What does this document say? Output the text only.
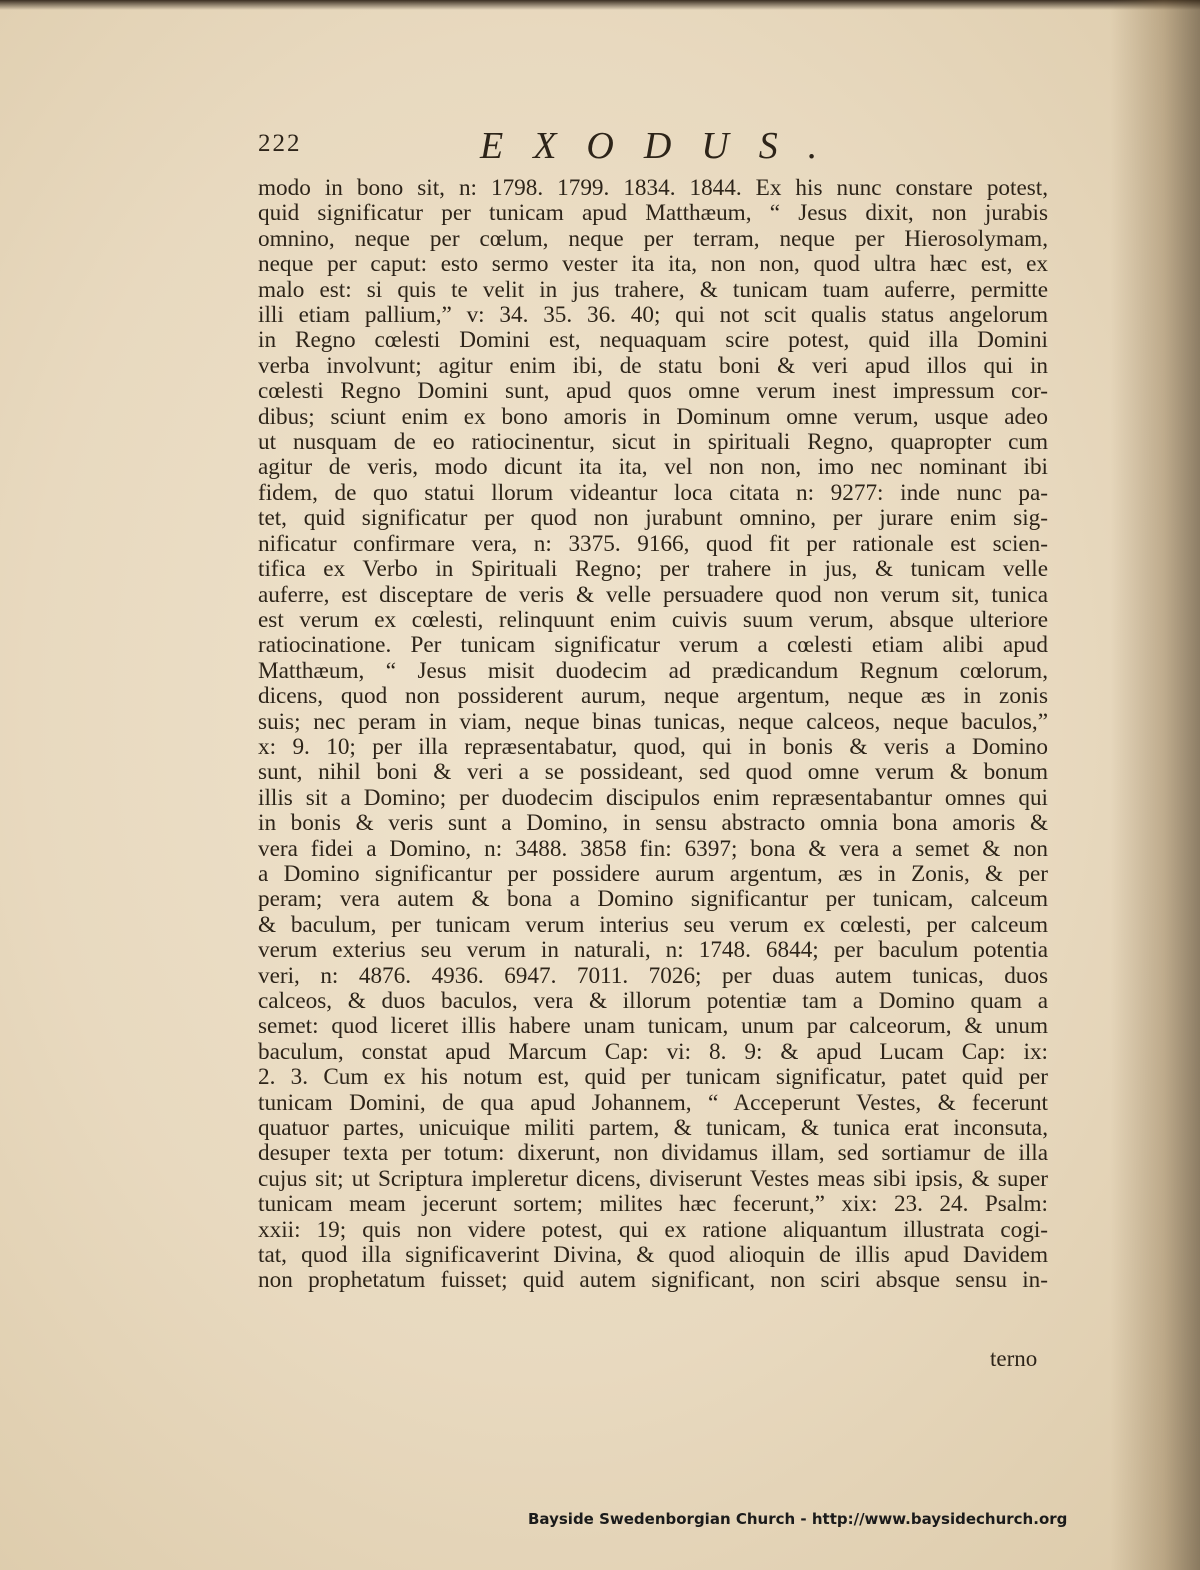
222	EXODUS.
modo in bono sit, n: 1798. 1799. 1834. 1844. Ex his nunc constare potest,
quid significatur per tunicam apud Matthæum, “ Jesus dixit, non jurabis
omnino, neque per cœlum, neque per terram, neque per Hierosolymam,
neque per caput: esto sermo vester ita ita, non non, quod ultra hæc est, ex
malo est: si quis te velit in jus trahere, & tunicam tuam auferre, permitte
illi etiam pallium,” v: 34. 35. 36. 40; qui not scit qualis status angelorum
in Regno cœlesti Domini est, nequaquam scire potest, quid illa Domini
verba involvunt; agitur enim ibi, de statu boni & veri apud illos qui in
cœlesti Regno Domini sunt, apud quos omne verum inest impressum cor-
dibus; sciunt enim ex bono amoris in Dominum omne verum, usque adeo
ut nusquam de eo ratiocinentur, sicut in spirituali Regno, quapropter cum
agitur de veris, modo dicunt ita ita, vel non non, imo nec nominant ibi
fidem, de quo statui llorum videantur loca citata n: 9277: inde nunc pa-
tet, quid significatur per quod non jurabunt omnino, per jurare enim sig-
nificatur confirmare vera, n: 3375. 9166, quod fit per rationale est scien-
tifica ex Verbo in Spirituali Regno; per trahere in jus, & tunicam velle
auferre, est disceptare de veris & velle persuadere quod non verum sit, tunica
est verum ex cœlesti, relinquunt enim cuivis suum verum, absque ulteriore
ratiocinatione. Per tunicam significatur verum a cœlesti etiam alibi apud
Matthæum, “ Jesus misit duodecim ad prædicandum Regnum cœlorum,
dicens, quod non possiderent aurum, neque argentum, neque æs in zonis
suis; nec peram in viam, neque binas tunicas, neque calceos, neque baculos,”
x: 9. 10; per illa repræsentabatur, quod, qui in bonis & veris a Domino
sunt, nihil boni & veri a se possideant, sed quod omne verum & bonum
illis sit a Domino; per duodecim discipulos enim repræsentabantur omnes qui
in bonis & veris sunt a Domino, in sensu abstracto omnia bona amoris &
vera fidei a Domino, n: 3488. 3858 fin: 6397; bona & vera a semet & non
a Domino significantur per possidere aurum argentum, æs in Zonis, & per
peram; vera autem & bona a Domino significantur per tunicam, calceum
& baculum, per tunicam verum interius seu verum ex cœlesti, per calceum
verum exterius seu verum in naturali, n: 1748. 6844; per baculum potentia
veri, n: 4876. 4936. 6947. 7011. 7026; per duas autem tunicas, duos
calceos, & duos baculos, vera & illorum potentiæ tam a Domino quam a
semet: quod liceret illis habere unam tunicam, unum par calceorum, & unum
baculum, constat apud Marcum Cap: vi: 8. 9: & apud Lucam Cap: ix:
2. 3. Cum ex his notum est, quid per tunicam significatur, patet quid per
tunicam Domini, de qua apud Johannem, “ Acceperunt Vestes, & fecerunt
quatuor partes, unicuique militi partem, & tunicam, & tunica erat inconsuta,
desuper texta per totum: dixerunt, non dividamus illam, sed sortiamur de illa
cujus sit; ut Scriptura impleretur dicens, diviserunt Vestes meas sibi ipsis, & super
tunicam meam jecerunt sortem; milites hæc fecerunt,” xix: 23. 24. Psalm:
xxii: 19; quis non videre potest, qui ex ratione aliquantum illustrata cogi-
tat, quod illa significaverint Divina, & quod alioquin de illis apud Davidem
non prophetatum fuisset; quid autem significant, non sciri absque sensu in-
terno
Bayside Swedenborgian Church - http://www.baysidechurch.org
